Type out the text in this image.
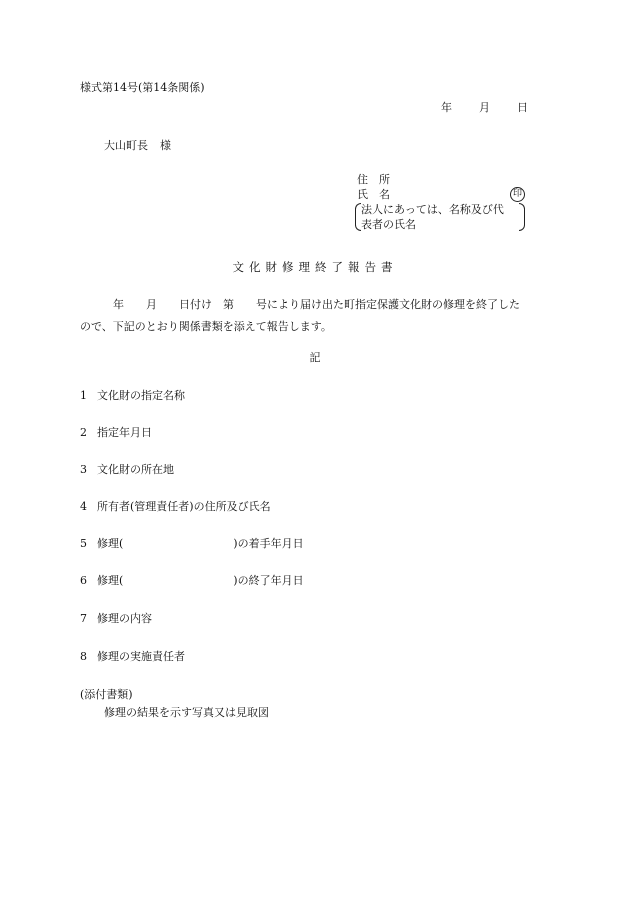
様式第14号(第14条関係)
年 月 日
大山町長 様
住　所
氏　名	印
法人にあっては、名称及び代
表者の氏名
文化財修理終了報告書

　　　年　　月　　日付け　第　　号により届け出た町指定保護文化財の修理を終了した

ので、下記のとおり関係書類を添えて報告します。

記
1 文化財の指定名称
2 指定年月日
3 文化財の所在地
4 所有者(管理責任者)の住所及び氏名
5 修理(　　　　　　　　　　)の着手年月日
6 修理(　　　　　　　　　　)の終了年月日
7 修理の内容
8 修理の実施責任者
(添付書類)
修理の結果を示す写真又は見取図
